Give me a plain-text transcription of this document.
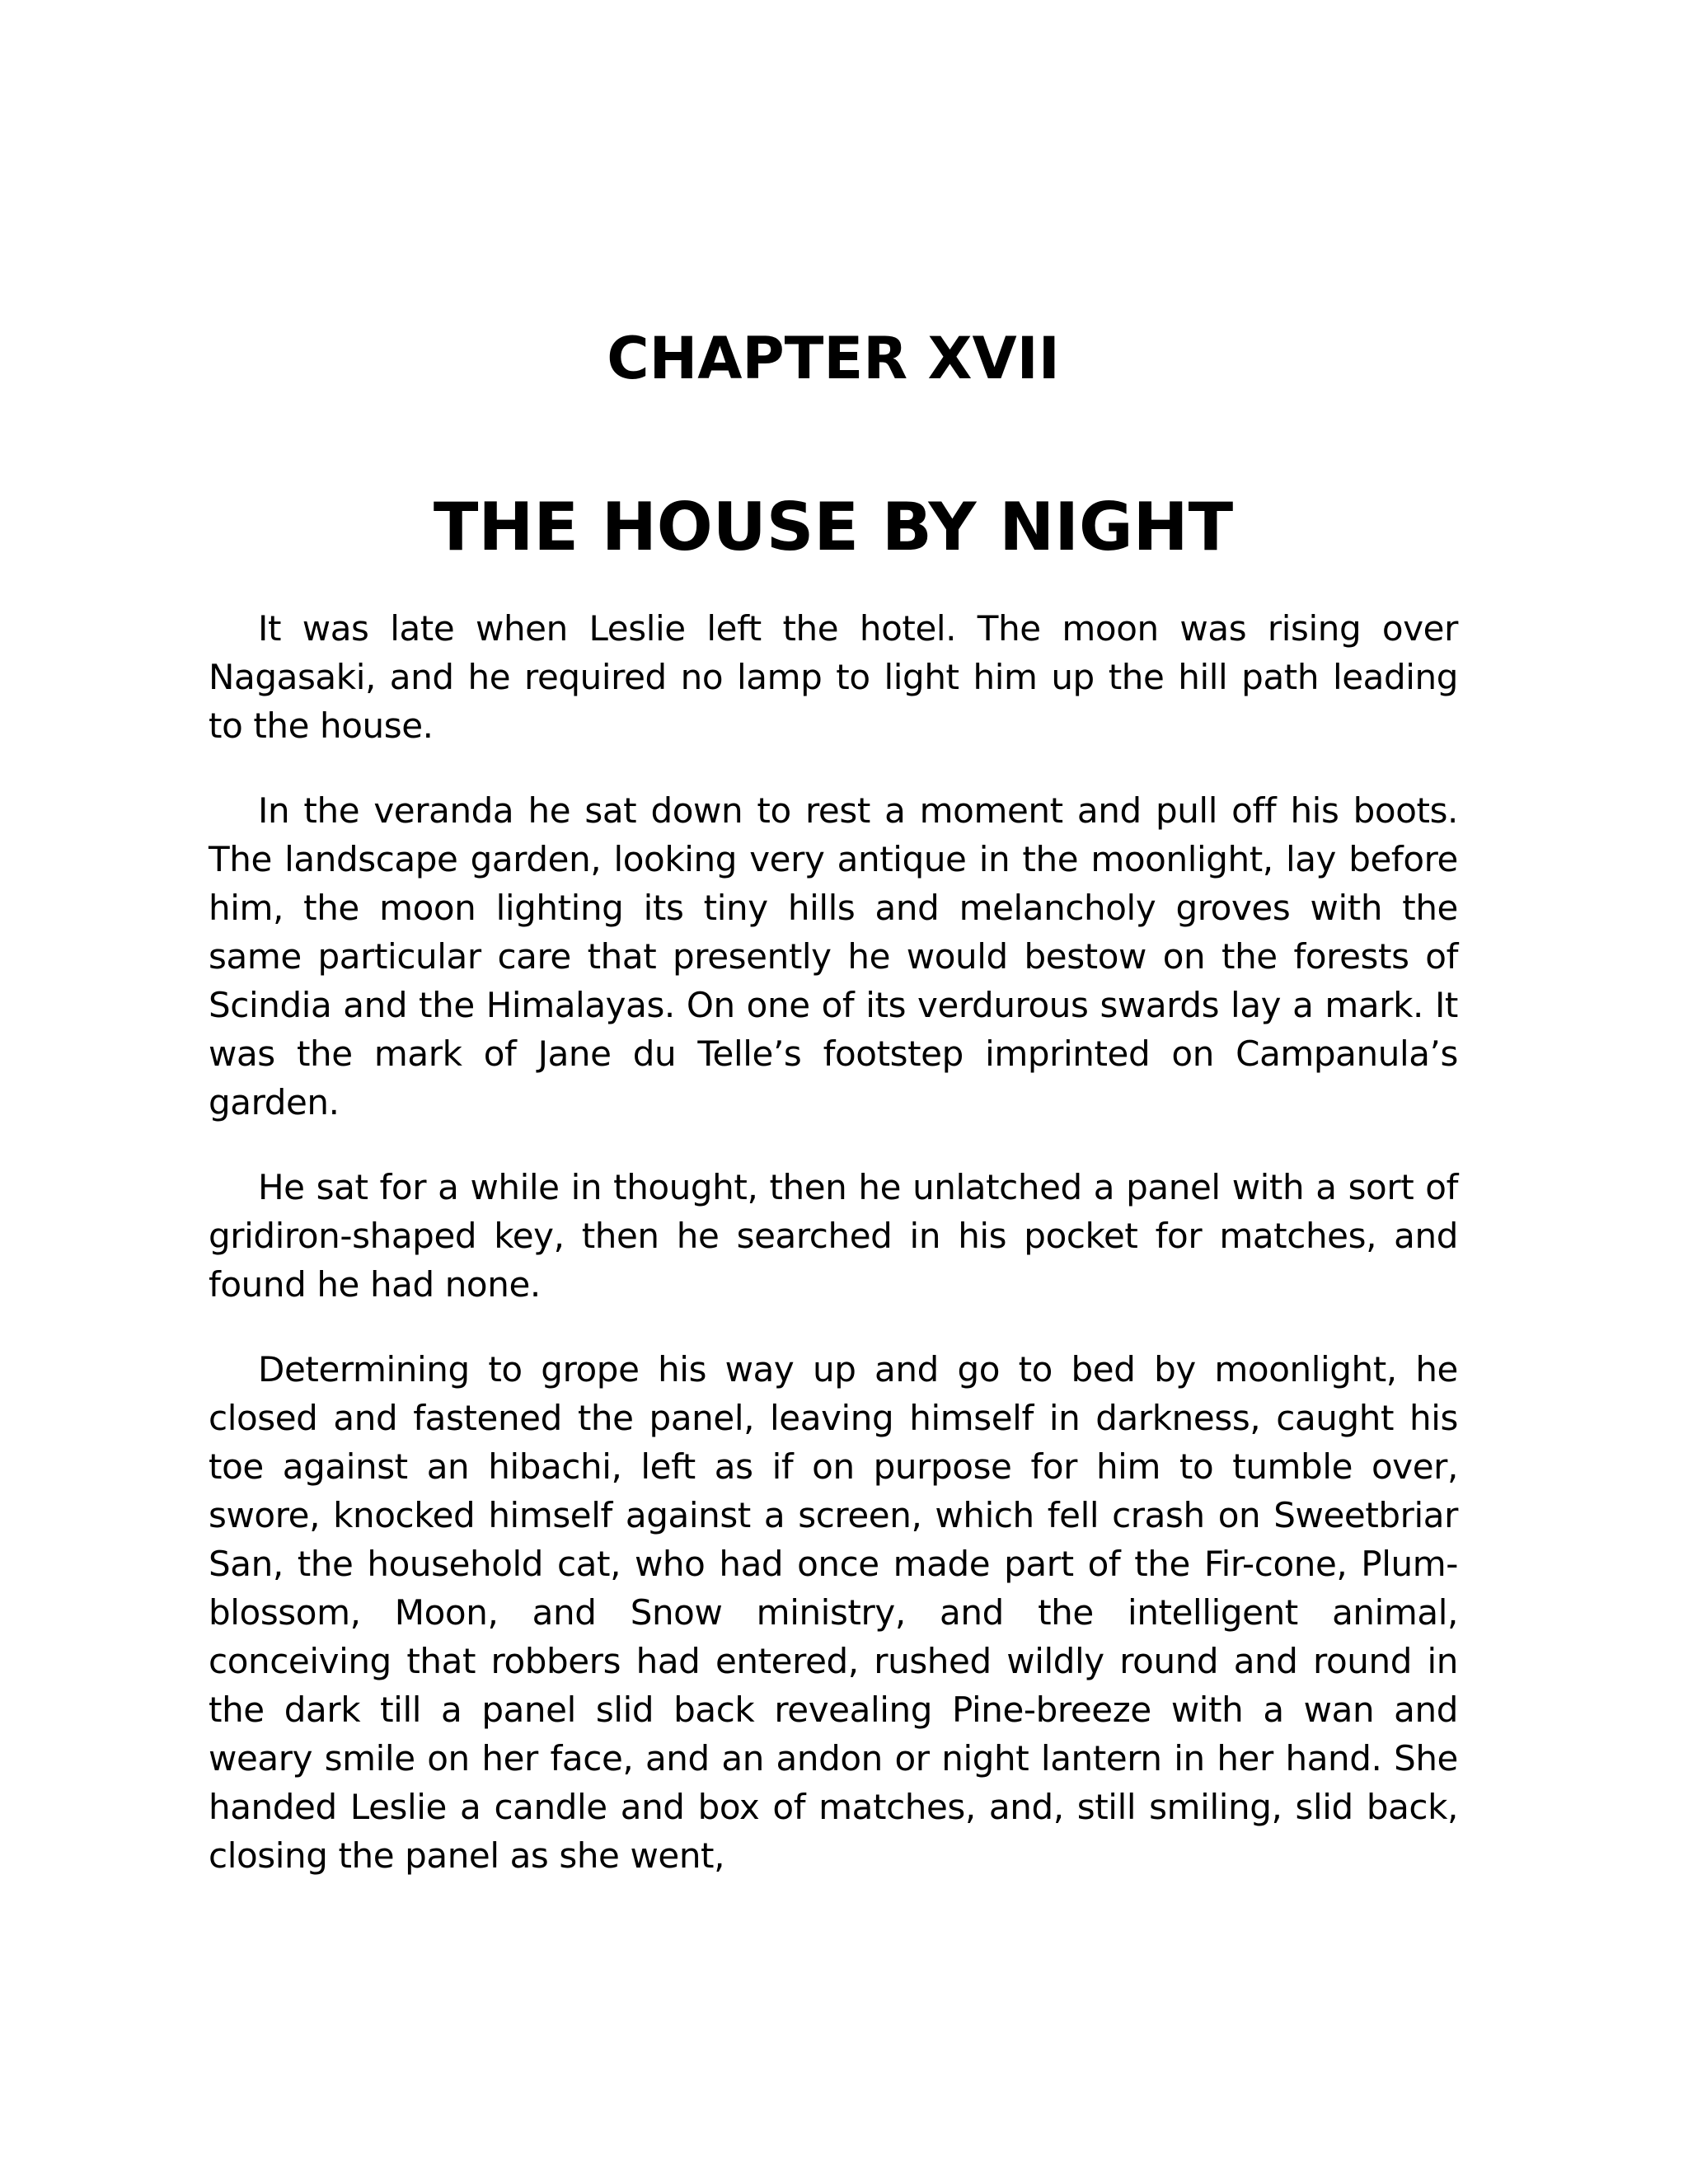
CHAPTER XVII
THE HOUSE BY NIGHT

It was late when Leslie left the hotel. The moon was rising over Nagasaki, and he required no lamp to light him up the hill path leading to the house.

In the veranda he sat down to rest a moment and pull off his boots. The landscape garden, looking very antique in the moonlight, lay before him, the moon lighting its tiny hills and melancholy groves with the same particular care that presently he would bestow on the forests of Scindia and the Himalayas. On one of its verdurous swards lay a mark. It was the mark of Jane du Telle’s footstep imprinted on Campanula’s garden.

He sat for a while in thought, then he unlatched a panel with a sort of gridiron-shaped key, then he searched in his pocket for matches, and found he had none.

Determining to grope his way up and go to bed by moonlight, he closed and fastened the panel, leaving himself in darkness, caught his toe against an hibachi, left as if on purpose for him to tumble over, swore, knocked himself against a screen, which fell crash on Sweetbriar San, the household cat, who had once made part of the Fir-cone, Plum-blossom, Moon, and Snow ministry, and the intelligent animal, conceiving that robbers had entered, rushed wildly round and round in the dark till a panel slid back revealing Pine-breeze with a wan and weary smile on her face, and an andon or night lantern in her hand. She handed Leslie a candle and box of matches, and, still smiling, slid back, closing the panel as she went,
